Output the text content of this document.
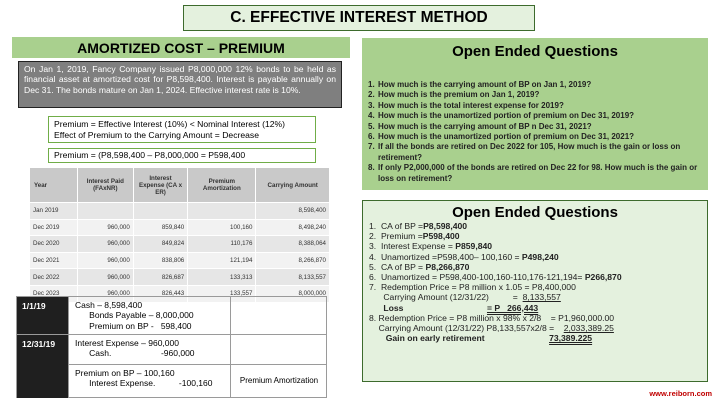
C. EFFECTIVE INTEREST METHOD
AMORTIZED COST – PREMIUM
On Jan 1, 2019, Fancy Company issued P8,000,000 12% bonds to be held as financial asset at amortized cost for P8,598,400. Interest is payable annually on Dec 31. The bonds mature on Jan 1, 2024. Effective interest rate is 10%.
Premium = Effective Interest (10%) < Nominal Interest (12%)
Effect of Premium to the Carrying Amount = Decrease
Premium = (P8,598,400 – P8,000,000 = P598,400
Year	Interest Paid (FAxNR)	Interest Expense (CA x ER)	Premium Amortization	Carrying Amount
Jan 2019				8,598,400
Dec 2019	960,000	859,840	100,160	8,498,240
Dec 2020	960,000	849,824	110,176	8,388,064
Dec 2021	960,000	838,806	121,194	8,266,870
Dec 2022	960,000	826,687	133,313	8,133,557
Dec 2023	960,000	826,443	133,557	8,000,000
1/1/19	Cash – 8,598,400
Bonds Payable – 8,000,000
Premium on BP -   598,400
12/31/19	Interest Expense – 960,000
Cash.                     -960,000
Premium on BP – 100,160
Interest Expense.          -100,160	Premium Amortization
Open Ended Questions
1. How much is the carrying amount of BP on Jan 1, 2019?
2. How much is the premium on Jan 1, 2019?
3. How much is the total interest expense for 2019?
4. How much is the unamortized portion of premium on Dec 31, 2019?
5. How much is the carrying amount of BP n Dec 31, 2021?
6. How much is the unamortized portion of premium on Dec 31, 2021?
7. If all the bonds are retired on Dec 2022 for 105, How much is the gain or loss on retirement?
8. If only P2,000,000 of the bonds are retired on Dec 22 for 98. How much is the gain or loss on retirement?
Open Ended Questions
1.  CA of BP =P8,598,400
2.  Premium =P598,400
3.  Interest Expense = P859,840
4.  Unamortized =P598,400– 100,160 = P498,240
5.  CA of BP = P8,266,870
6.  Unamortized = P598,400-100,160-110,176-121,194= P266,870
7.  Redemption Price = P8 million x 1.05 = P8,400,000
Carrying Amount (12/31/22)	= 8,133,557
Loss	= P   266,443
8. Redemption Price = P8 million x 98% x 2/8    = P1,960,000.00
Carrying Amount (12/31/22) P8,133,557x2/8 = 2,033,389.25
Gain on early retirement	73,389.225
www.reiborn.com
